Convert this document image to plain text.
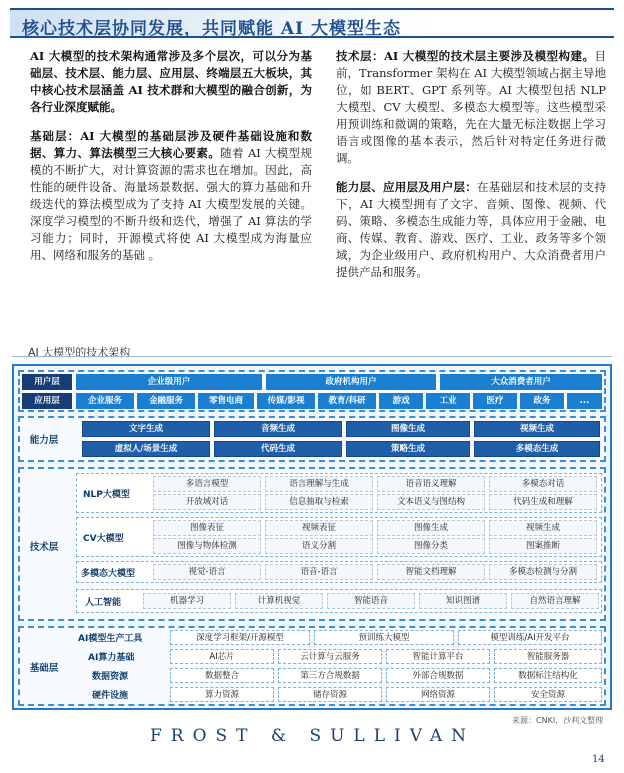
核心技术层协同发展，共同赋能 AI 大模型生态

AI 大模型的技术架构通常涉及多个层次，可以分为基础层、技术层、能力层、应用层、终端层五大板块，其中核心技术层涵盖 AI 技术群和大模型的融合创新，为各行业深度赋能。

基础层：AI 大模型的基础层涉及硬件基础设施和数据、算力、算法模型三大核心要素。随着 AI 大模型规模的不断扩大，对计算资源的需求也在增加。因此，高性能的硬件设备、海量场景数据、强大的算力基础和升级迭代的算法模型成为了支持 AI 大模型发展的关键。深度学习模型的不断升级和迭代，增强了 AI 算法的学习能力；同时，开源模式将使 AI 大模型成为海量应用、网络和服务的基础 。

技术层：AI 大模型的技术层主要涉及模型构建。目前，Transformer 架构在 AI 大模型领域占据主导地位，如 BERT、GPT 系列等。AI 大模型包括 NLP 大模型、CV 大模型、多模态大模型等。这些模型采用预训练和微调的策略，先在大量无标注数据上学习语言或图像的基本表示，然后针对特定任务进行微调。

能力层、应用层及用户层：在基础层和技术层的支持下，AI 大模型拥有了文字、音频、图像、视频、代码、策略、多模态生成能力等，具体应用于金融、电商、传媒、教育、游戏、医疗、工业、政务等多个领域，为企业级用户、政府机构用户、大众消费者用户提供产品和服务。

AI 大模型的技术架构
用户层	企业级用户	政府机构用户	大众消费者用户
应用层	企业服务	金融服务	零售电商	传媒/影视	教育/科研	游戏	工业	医疗	政务	...
能力层
文字生成	音频生成	图像生成	视频生成
虚拟人/场景生成	代码生成	策略生成	多模态生成
技术层
NLP大模型
多语言模型	语言理解与生成	语音语义理解	多模态对话
开放域对话	信息抽取与检索	文本语义与图结构	代码生成和理解
CV大模型
图像表征	视频表征	图像生成	视频生成
图像与物体检测	语义分割	图像分类	图案推断
多模态大模型	视觉-语言	语音-语言	智能文档理解	多模态检测与分割
人工智能	机器学习	计算机视觉	智能语音	知识图谱	自然语言理解
基础层
AI模型生产工具	深度学习框架/开源模型	预训练大模型	模型训练/AI开发平台
AI算力基础	AI芯片	云计算与云服务	智能计算平台	智能服务器
数据资源	数据整合	第三方合规数据	外部合规数据	数据标注结构化
硬件设施	算力资源	储存资源	网络资源	安全资源
来源：CNKI，沙利文整理
FROST & SULLIVAN
14
